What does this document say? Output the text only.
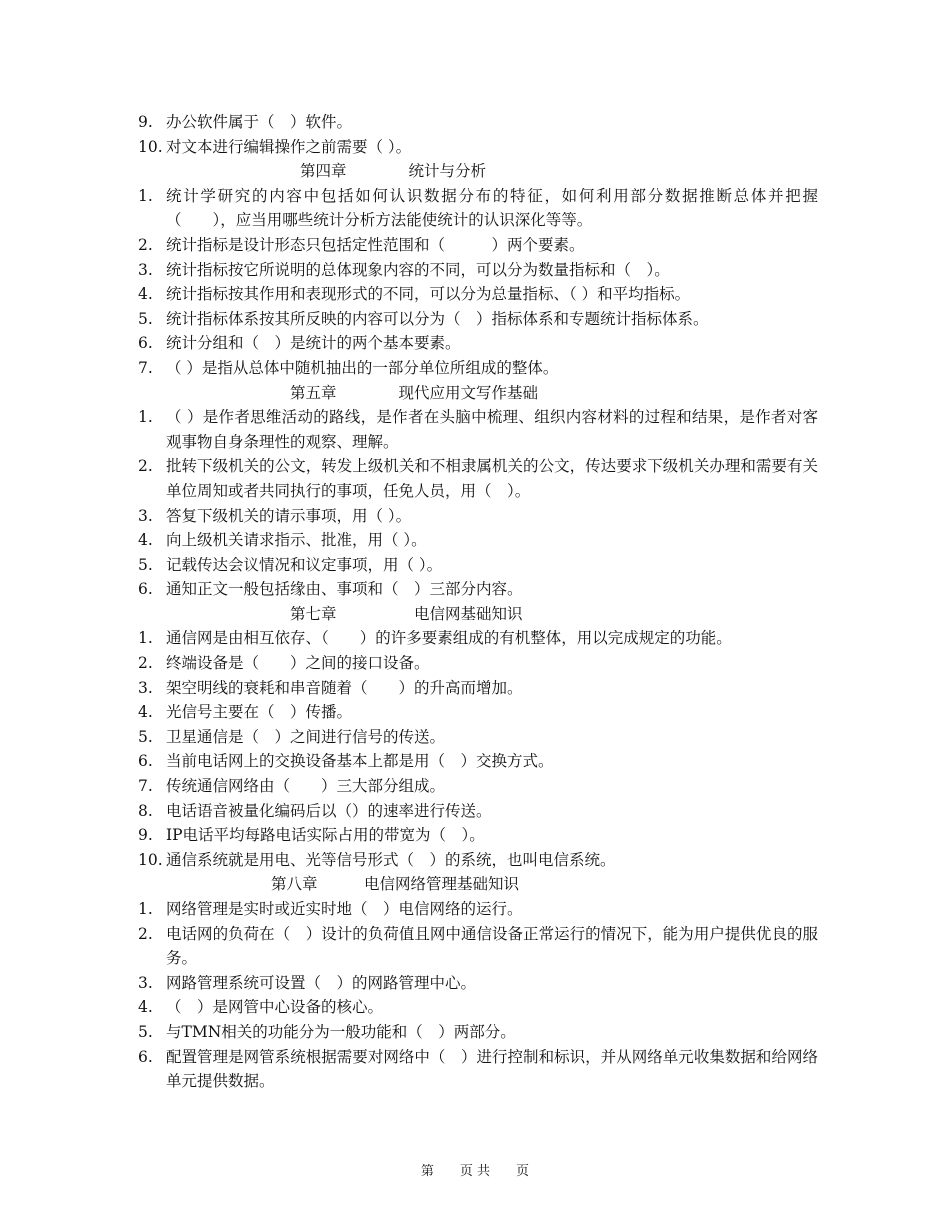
9. 办公软件属于（　）软件。
10. 对文本进行编辑操作之前需要（ ）。
第四章　　　　统计与分析
1. 统计学研究的内容中包括如何认识数据分布的特征，如何利用部分数据推断总体并把握（　　），应当用哪些统计分析方法能使统计的认识深化等等。
2. 统计指标是设计形态只包括定性范围和（　　　）两个要素。
3. 统计指标按它所说明的总体现象内容的不同，可以分为数量指标和（　）。
4. 统计指标按其作用和表现形式的不同，可以分为总量指标、（ ）和平均指标。
5. 统计指标体系按其所反映的内容可以分为（　）指标体系和专题统计指标体系。
6. 统计分组和（　）是统计的两个基本要素。
7. （ ）是指从总体中随机抽出的一部分单位所组成的整体。
第五章　　　　现代应用文写作基础
1. （ ）是作者思维活动的路线，是作者在头脑中梳理、组织内容材料的过程和结果，是作者对客观事物自身条理性的观察、理解。
2. 批转下级机关的公文，转发上级机关和不相隶属机关的公文，传达要求下级机关办理和需要有关单位周知或者共同执行的事项，任免人员，用（　）。
3. 答复下级机关的请示事项，用（ ）。
4. 向上级机关请求指示、批准，用（ ）。
5. 记载传达会议情况和议定事项，用（ ）。
6. 通知正文一般包括缘由、事项和（　）三部分内容。
第七章　　　　　电信网基础知识
1. 通信网是由相互依存、（　　）的许多要素组成的有机整体，用以完成规定的功能。
2. 终端设备是（　　）之间的接口设备。
3. 架空明线的衰耗和串音随着（　　）的升高而增加。
4. 光信号主要在（　）传播。
5. 卫星通信是（　）之间进行信号的传送。
6. 当前电话网上的交换设备基本上都是用（　）交换方式。
7. 传统通信网络由（　　）三大部分组成。
8. 电话语音被量化编码后以（）的速率进行传送。
9. IP电话平均每路电话实际占用的带宽为（　）。
10. 通信系统就是用电、光等信号形式（　）的系统，也叫电信系统。
第八章　　　电信网络管理基础知识
1. 网络管理是实时或近实时地（　）电信网络的运行。
2. 电话网的负荷在（　）设计的负荷值且网中通信设备正常运行的情况下，能为用户提供优良的服务。
3. 网路管理系统可设置（　）的网路管理中心。
4. （　）是网管中心设备的核心。
5. 与TMN相关的功能分为一般功能和（　）两部分。
6. 配置管理是网管系统根据需要对网络中（　）进行控制和标识，并从网络单元收集数据和给网络单元提供数据。
第　　页 共　　页
